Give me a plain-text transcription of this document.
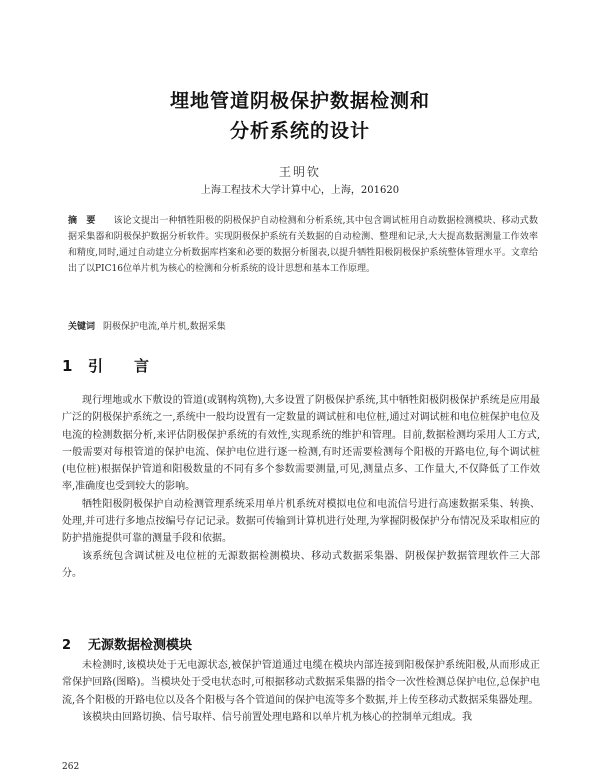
埋地管道阴极保护数据检测和
分析系统的设计
王明钦
上海工程技术大学计算中心，上海，201620
摘　要 该论文提出一种牺牲阳极的阴极保护自动检测和分析系统,其中包含调试桩用自动数据检测模块、移动式数据采集器和阴极保护数据分析软件。实现阴极保护系统有关数据的自动检测、整理和记录,大大提高数据测量工作效率和精度,同时,通过自动建立分析数据库档案和必要的数据分析图表,以提升牺牲阳极阴极保护系统整体管理水平。文章给出了以PIC16位单片机为核心的检测和分析系统的设计思想和基本工作原理。
关键词 阴极保护电流,单片机,数据采集
1 引　言

现行埋地或水下敷设的管道(或钢构筑物),大多设置了阴极保护系统,其中牺牲阳极阴极保护系统是应用最广泛的阴极保护系统之一,系统中一般均设置有一定数量的调试桩和电位桩,通过对调试桩和电位桩保护电位及电流的检测数据分析,来评估阴极保护系统的有效性,实现系统的维护和管理。目前,数据检测均采用人工方式,一般需要对每根管道的保护电流、保护电位进行逐一检测,有时还需要检测每个阳极的开路电位,每个调试桩(电位桩)根据保护管道和阳极数量的不同有多个参数需要测量,可见,测量点多、工作量大,不仅降低了工作效率,准确度也受到较大的影响。

牺牲阳极阴极保护自动检测管理系统采用单片机系统对模拟电位和电流信号进行高速数据采集、转换、处理,并可进行多地点按编号存记记录。数据可传输到计算机进行处理,为掌握阴极保护分布情况及采取相应的防护措施提供可靠的测量手段和依据。

该系统包含调试桩及电位桩的无源数据检测模块、移动式数据采集器、阴极保护数据管理软件三大部分。

2 无源数据检测模块

未检测时,该模块处于无电源状态,被保护管道通过电缆在模块内部连接到阳极保护系统阳极,从而形成正常保护回路(图略)。当模块处于受电状态时,可根据移动式数据采集器的指令一次性检测总保护电位,总保护电流,各个阳极的开路电位以及各个阳极与各个管道间的保护电流等多个数据,并上传至移动式数据采集器处理。

该模块由回路切换、信号取样、信号前置处理电路和以单片机为核心的控制单元组成。我

262
